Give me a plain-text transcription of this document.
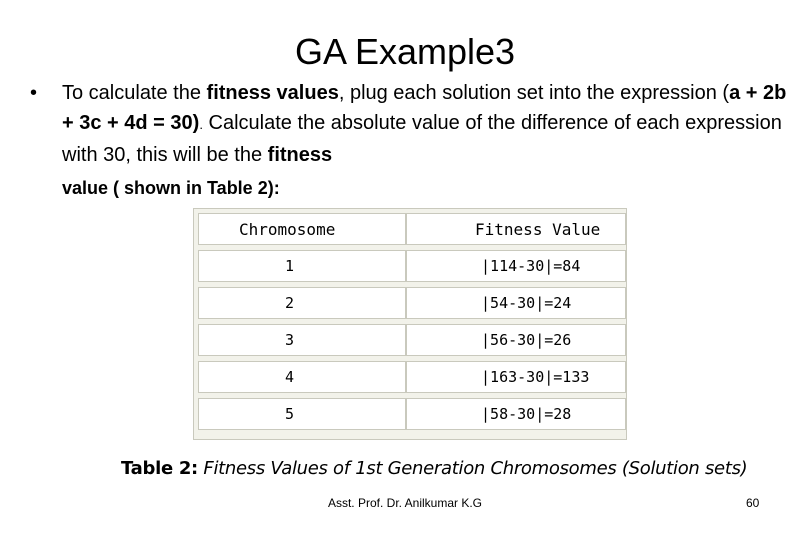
GA Example3
• To calculate the fitness values, plug each solution set into the expression (a + 2b + 3c + 4d = 30). Calculate the absolute value of the difference of each expression with 30, this will be the fitness
value ( shown in Table 2):
Chromosome	Fitness Value
1	|114-30|=84
2	|54-30|=24
3	|56-30|=26
4	|163-30|=133
5	|58-30|=28
Table 2: Fitness Values of 1st Generation Chromosomes (Solution sets)
Asst. Prof. Dr. Anilkumar K.G	60
